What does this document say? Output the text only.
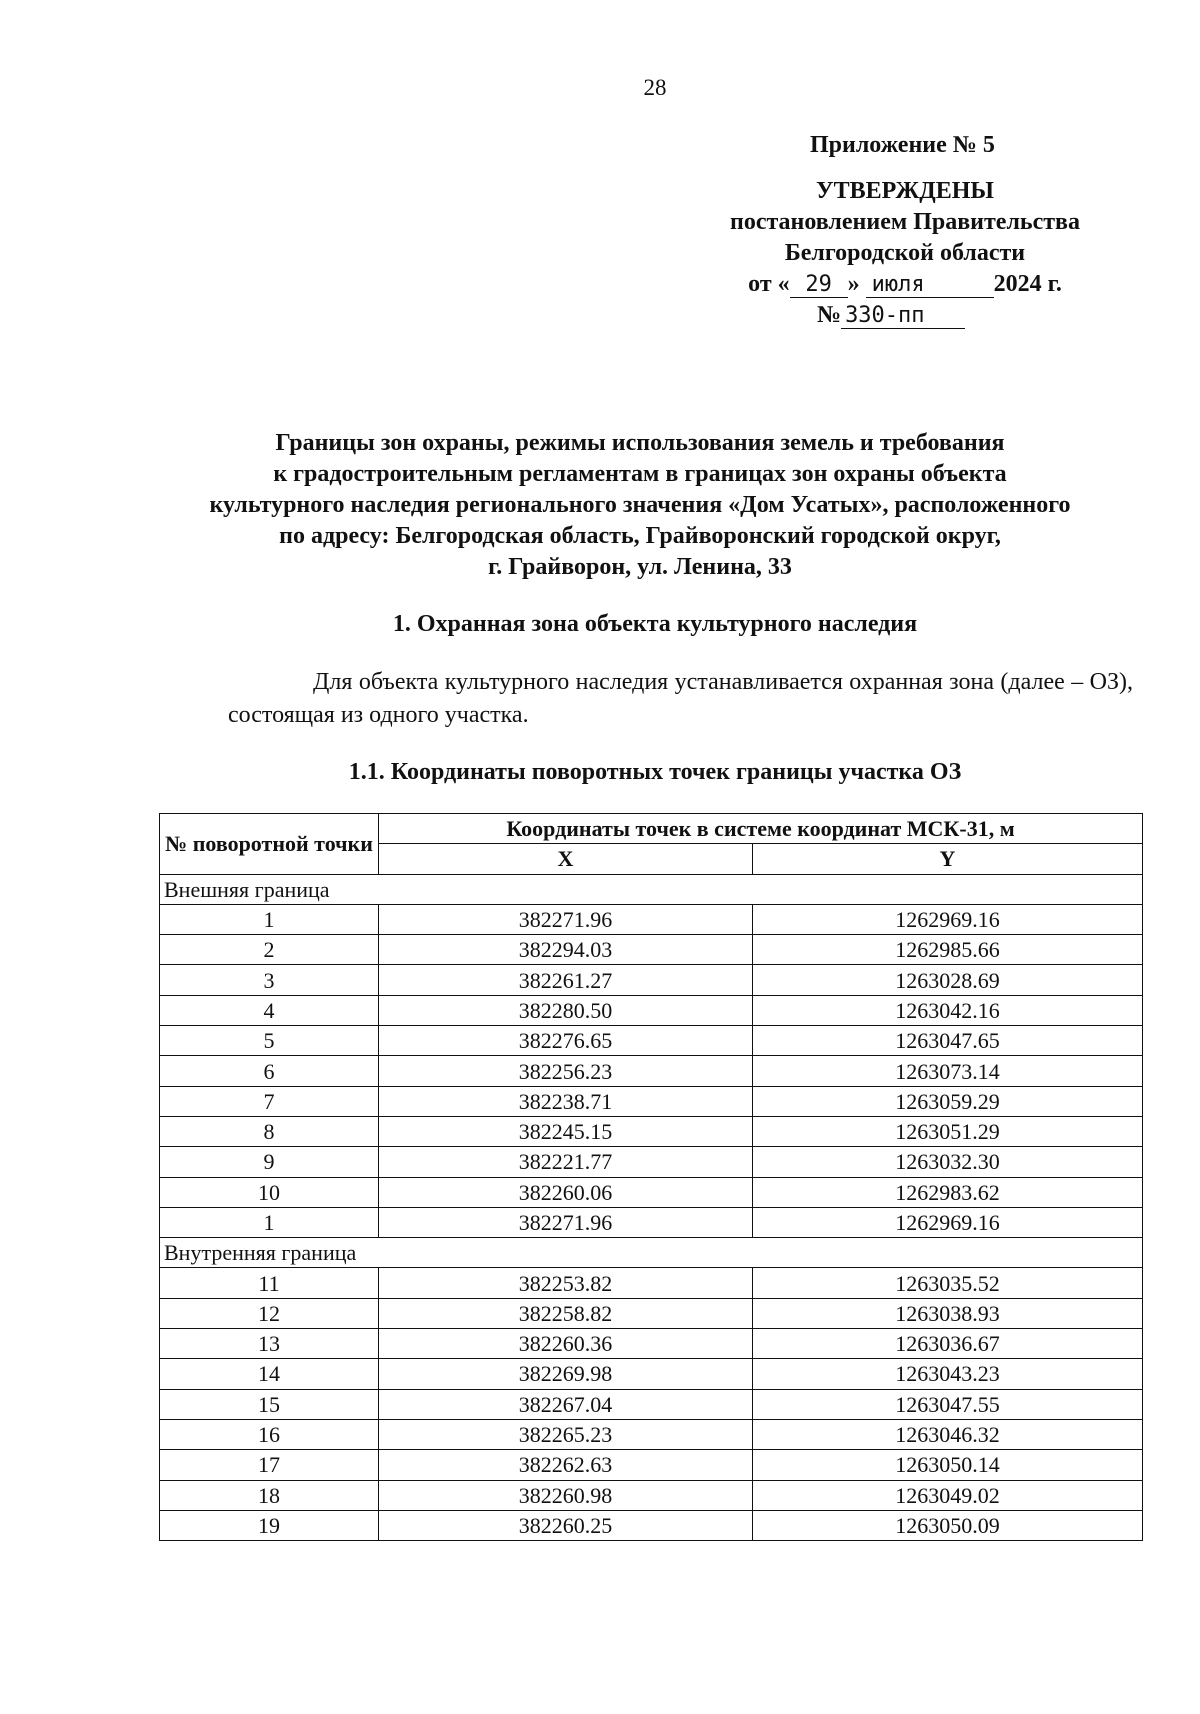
28
Приложение № 5
УТВЕРЖДЕНЫ
постановлением Правительства
Белгородской области
от « 29 » июля	2024 г.
№ 330-пп
Границы зон охраны, режимы использования земель и требования
к градостроительным регламентам в границах зон охраны объекта
культурного наследия регионального значения «Дом Усатых», расположенного
по адресу: Белгородская область, Грайворонский городской округ,
г. Грайворон, ул. Ленина, 33
1. Охранная зона объекта культурного наследия
Для объекта культурного наследия устанавливается охранная зона (далее – ОЗ), состоящая из одного участка.
1.1. Координаты поворотных точек границы участка ОЗ
№ поворотной точки	Координаты точек в системе координат МСК-31, м	
	X	Y
Внешняя граница		
1	382271.96	1262969.16
2	382294.03	1262985.66
3	382261.27	1263028.69
4	382280.50	1263042.16
5	382276.65	1263047.65
6	382256.23	1263073.14
7	382238.71	1263059.29
8	382245.15	1263051.29
9	382221.77	1263032.30
10	382260.06	1262983.62
1	382271.96	1262969.16
Внутренняя граница		
11	382253.82	1263035.52
12	382258.82	1263038.93
13	382260.36	1263036.67
14	382269.98	1263043.23
15	382267.04	1263047.55
16	382265.23	1263046.32
17	382262.63	1263050.14
18	382260.98	1263049.02
19	382260.25	1263050.09
